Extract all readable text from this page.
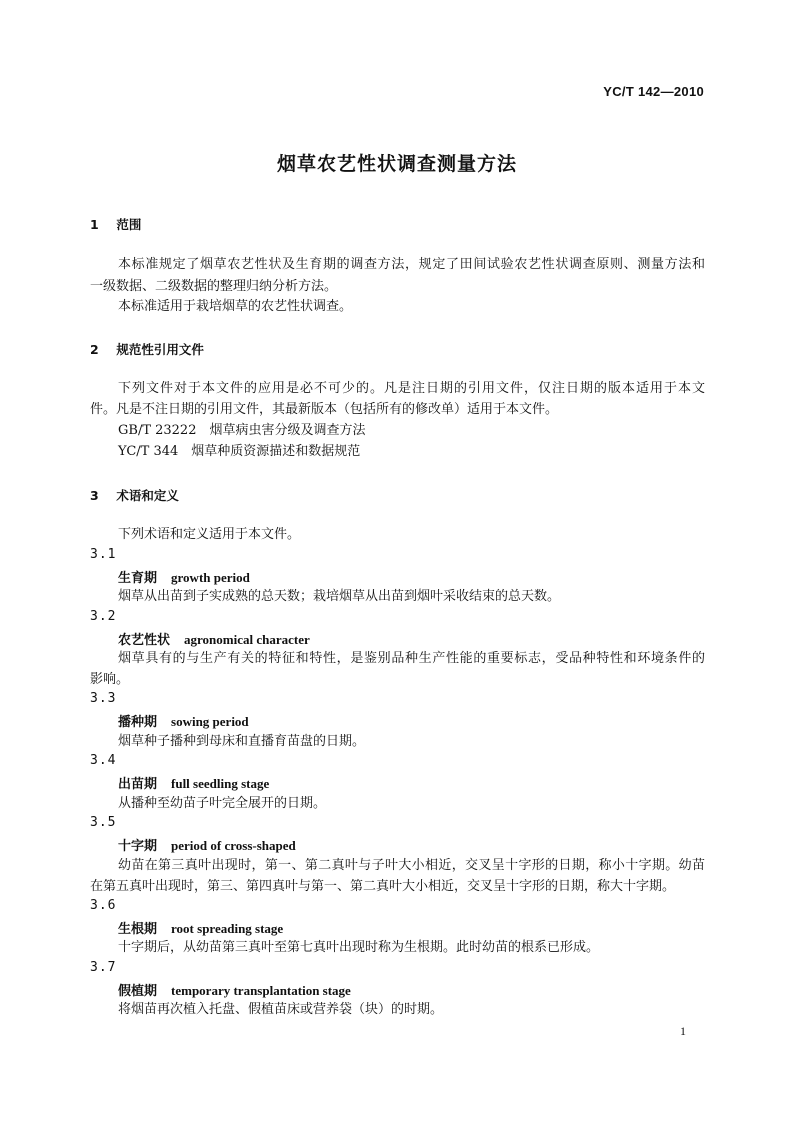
YC/T 142—2010
烟草农艺性状调查测量方法
1 范围
本标准规定了烟草农艺性状及生育期的调查方法，规定了田间试验农艺性状调查原则、测量方法和
一级数据、二级数据的整理归纳分析方法。
本标准适用于栽培烟草的农艺性状调查。
2 规范性引用文件
下列文件对于本文件的应用是必不可少的。凡是注日期的引用文件，仅注日期的版本适用于本文
件。凡是不注日期的引用文件，其最新版本（包括所有的修改单）适用于本文件。
GB/T 23222　烟草病虫害分级及调查方法
YC/T 344　烟草种质资源描述和数据规范
3 术语和定义
下列术语和定义适用于本文件。
3.1
生育期 growth period
烟草从出苗到子实成熟的总天数；栽培烟草从出苗到烟叶采收结束的总天数。
3.2
农艺性状 agronomical character
烟草具有的与生产有关的特征和特性，是鉴别品种生产性能的重要标志，受品种特性和环境条件的
影响。
3.3
播种期 sowing period
烟草种子播种到母床和直播育苗盘的日期。
3.4
出苗期 full seedling stage
从播种至幼苗子叶完全展开的日期。
3.5
十字期 period of cross-shaped
幼苗在第三真叶出现时，第一、第二真叶与子叶大小相近，交叉呈十字形的日期，称小十字期。幼苗
在第五真叶出现时，第三、第四真叶与第一、第二真叶大小相近，交叉呈十字形的日期，称大十字期。
3.6
生根期 root spreading stage
十字期后，从幼苗第三真叶至第七真叶出现时称为生根期。此时幼苗的根系已形成。
3.7
假植期 temporary transplantation stage
将烟苗再次植入托盘、假植苗床或营养袋（块）的时期。
1
